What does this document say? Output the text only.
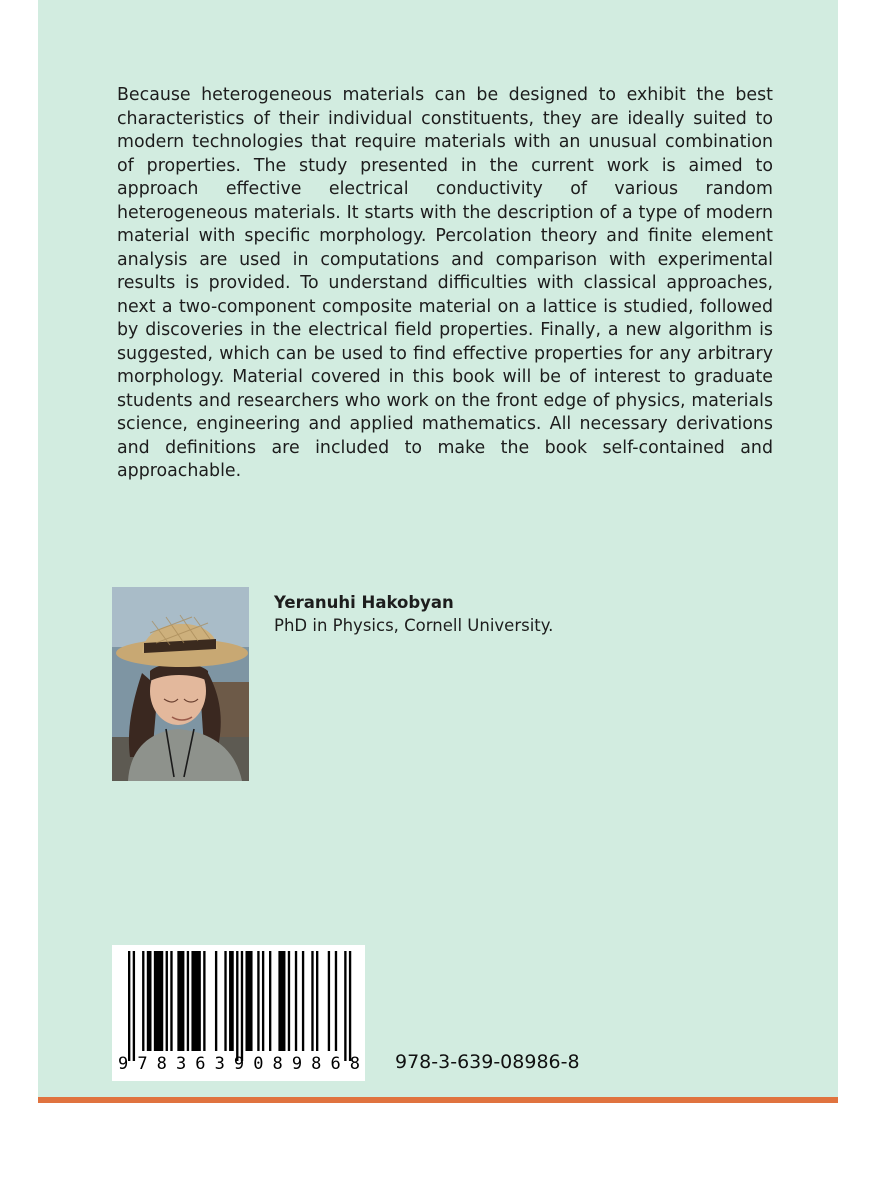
Because heterogeneous materials can be designed to exhibit the best characteristics of their individual constituents, they are ideally suited to modern technologies that require materials with an unusual combination of properties. The study presented in the current work is aimed to approach effective electrical conductivity of various random heterogeneous materials. It starts with the description of a type of modern material with specific morphology. Percolation theory and finite element analysis are used in computations and comparison with experimental results is provided. To understand difficulties with classical approaches, next a two-component composite material on a lattice is studied, followed by discoveries in the electrical field properties. Finally, a new algorithm is suggested, which can be used to find effective properties for any arbitrary morphology. Material covered in this book will be of interest to graduate students and researchers who work on the front edge of physics, materials science, engineering and applied mathematics. All necessary derivations and definitions are included to make the book self-contained and approachable.

Yeranuhi Hakobyan

PhD in Physics, Cornell University.

9 7 8 3 6 3 9 0 8 9 8 6 8 978-3-639-08986-8
